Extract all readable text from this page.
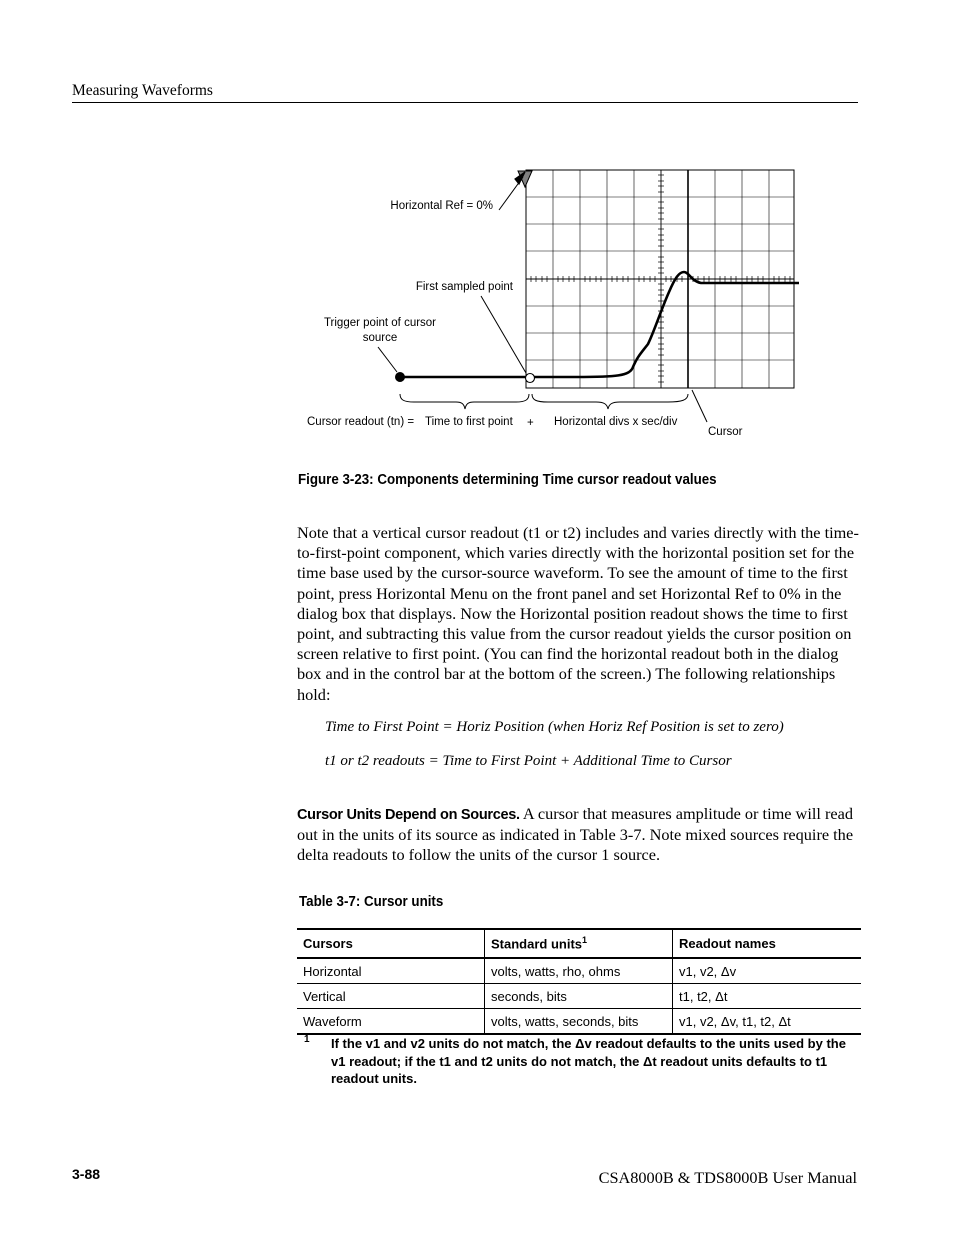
Measuring Waveforms
Horizontal Ref = 0%
First sampled point
Trigger point of cursor
source
Cursor readout (tn) = Time to first point + Horizontal divs x sec/div
Cursor
Figure 3-23: Components determining Time cursor readout values
Note that a vertical cursor readout (t1 or t2) includes and varies directly with the time-to-first-point component, which varies directly with the horizontal position set for the time base used by the cursor-source waveform. To see the amount of time to the first point, press Horizontal Menu on the front panel and set Horizontal Ref to 0% in the dialog box that displays. Now the Horizontal position readout shows the time to first point, and subtracting this value from the cursor readout yields the cursor position on screen relative to first point. (You can find the horizontal readout both in the dialog box and in the control bar at the bottom of the screen.) The following relationships hold:
Time to First Point = Horiz Position (when Horiz Ref Position is set to zero)
t1 or t2 readouts = Time to First Point + Additional Time to Cursor
Cursor Units Depend on Sources. A cursor that measures amplitude or time will read out in the units of its source as indicated in Table 3-7. Note mixed sources require the delta readouts to follow the units of the cursor 1 source.
Table 3-7: Cursor units
Cursors	Standard units$^1$	Readout names
Horizontal	volts, watts, rho, ohms	v1, v2, Δv
Vertical	seconds, bits	t1, t2, Δt
Waveform	volts, watts, seconds, bits	v1, v2, Δv, t1, t2, Δt
1 If the v1 and v2 units do not match, the Δv readout defaults to the units used by the v1 readout; if the t1 and t2 units do not match, the Δt readout units defaults to t1 readout units.
3-88	CSA8000B & TDS8000B User Manual
